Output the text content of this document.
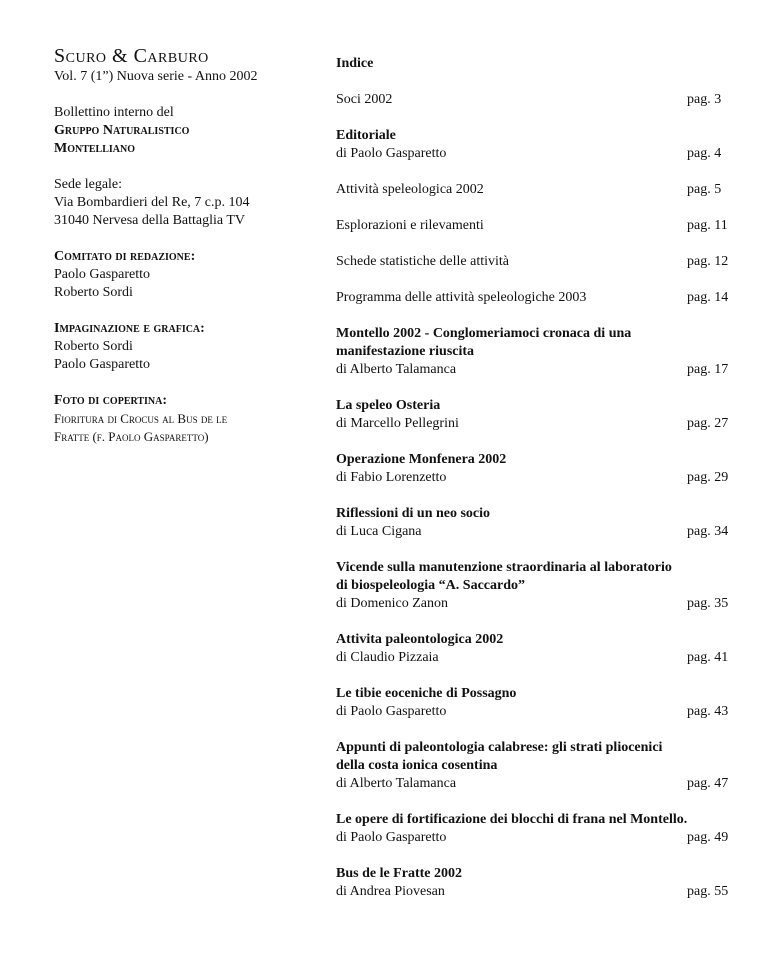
Scuro & Carburo
Vol. 7 (1”) Nuova serie - Anno 2002
Bollettino interno del
Gruppo Naturalistico
Montelliano
Sede legale:
Via Bombardieri del Re, 7 c.p. 104
31040 Nervesa della Battaglia TV
Comitato di redazione:
Paolo Gasparetto
Roberto Sordi
Impaginazione e grafica:
Roberto Sordi
Paolo Gasparetto
Foto di copertina:
Fioritura di Crocus al Bus de le
Fratte (f. Paolo Gasparetto)
Indice
Soci 2002	pag. 3
Editoriale
di Paolo Gasparetto	pag. 4
Attività speleologica 2002	pag. 5
Esplorazioni e rilevamenti	pag. 11
Schede statistiche delle attività	pag. 12
Programma delle attività speleologiche 2003	pag. 14
Montello 2002 - Conglomeriamoci cronaca di una manifestazione riuscita
di Alberto Talamanca	pag. 17
La speleo Osteria
di Marcello Pellegrini	pag. 27
Operazione Monfenera 2002
di Fabio Lorenzetto	pag. 29
Riflessioni di un neo socio
di Luca Cigana	pag. 34
Vicende sulla manutenzione straordinaria al laboratorio di biospeleologia “A. Saccardo”
di Domenico Zanon	pag. 35
Attivita paleontologica 2002
di Claudio Pizzaia	pag. 41
Le tibie eoceniche di Possagno
di Paolo Gasparetto	pag. 43
Appunti di paleontologia calabrese: gli strati pliocenici della costa ionica cosentina
di Alberto Talamanca	pag. 47
Le opere di fortificazione dei blocchi di frana nel Montello.
di Paolo Gasparetto	pag. 49
Bus de le Fratte 2002
di Andrea Piovesan	pag. 55
